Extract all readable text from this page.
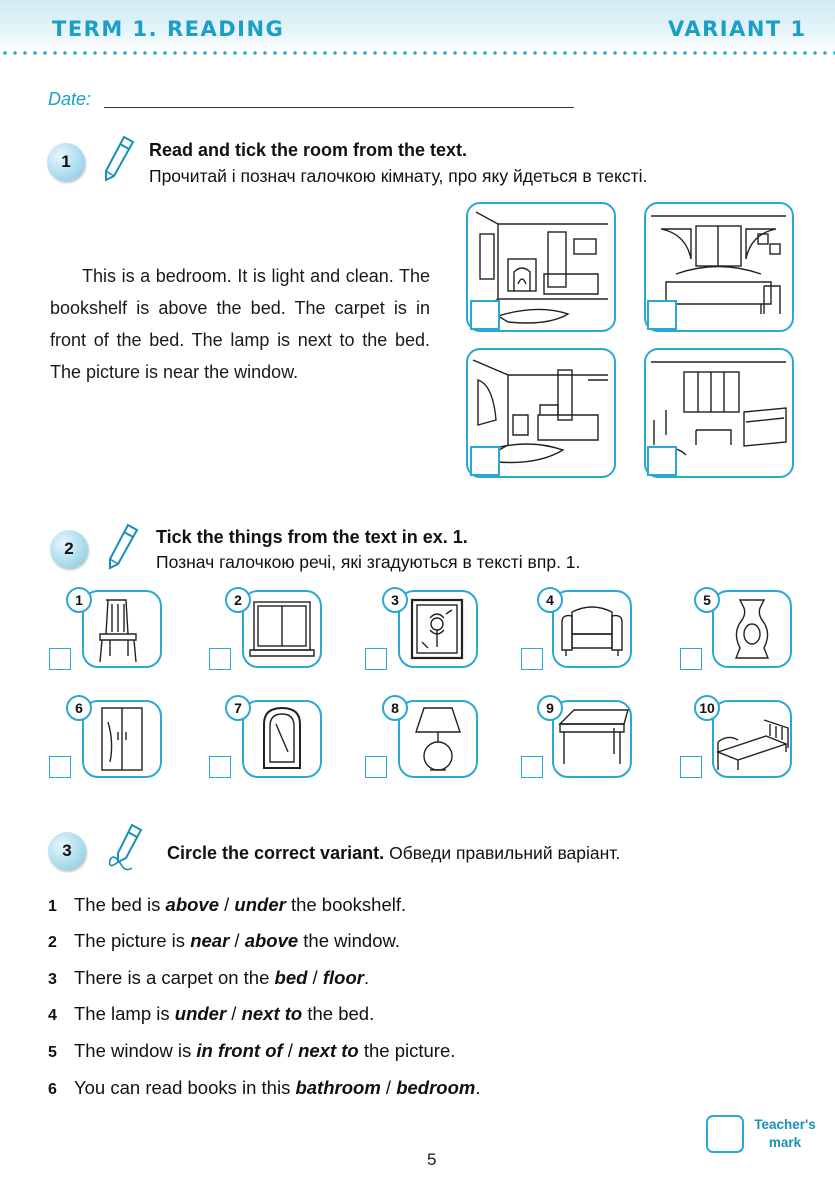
TERM 1. READING	VARIANT 1
Date:
1
Read and tick the room from the text.
Прочитай і познач галочкою кімнату, про яку йдеться в тексті.

This is a bedroom. It is light and clean. The bookshelf is above the bed. The carpet is in front of the bed. The lamp is next to the bed. The picture is near the window.

2
Tick the things from the text in ex. 1.
Познач галочкою речі, які згадуються в тексті впр. 1.
1	2	3	4	5
6	7	8	9	10
3	Circle the correct variant. Обведи правильний варіант.
1 The bed is above / under the bookshelf.
2 The picture is near / above the window.
3 There is a carpet on the bed / floor.
4 The lamp is under / next to the bed.
5 The window is in front of / next to the picture.
6 You can read books in this bathroom / bedroom.
5
Teacher's
mark
